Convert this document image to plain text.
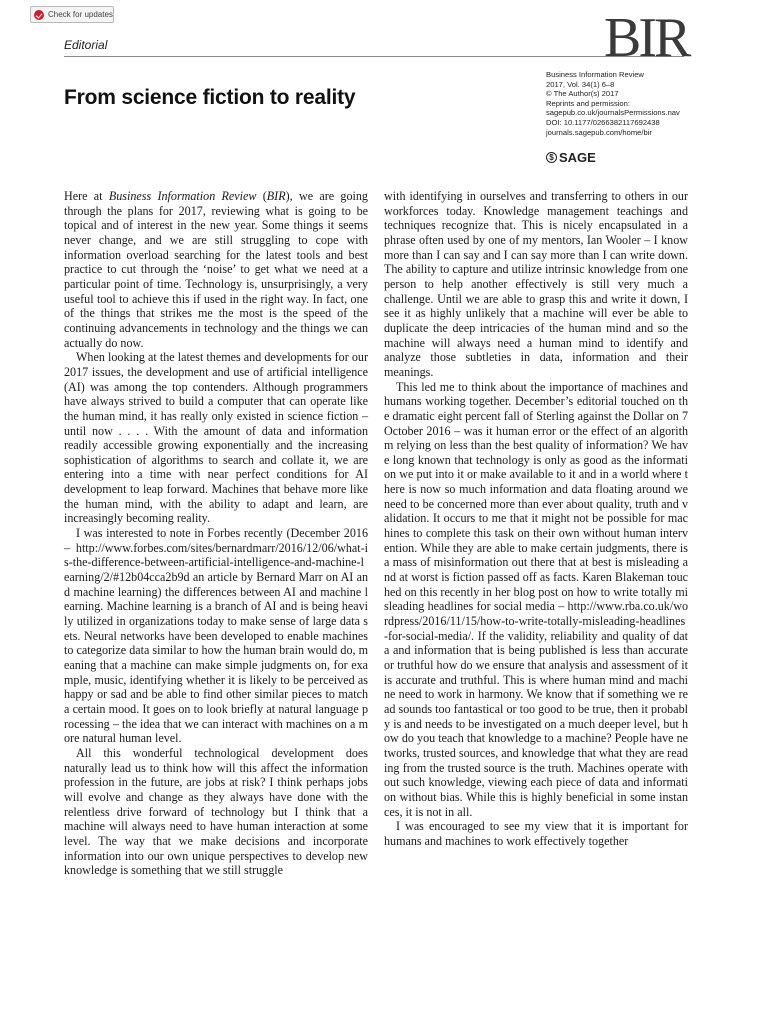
Check for updates
Editorial	BIR
From science fiction to reality
Business Information Review
2017, Vol. 34(1) 6–8
© The Author(s) 2017
Reprints and permission:
sagepub.co.uk/journalsPermissions.nav
DOI: 10.1177/0266382117692438
journals.sagepub.com/home/bir
$ SAGE

Here at Business Information Review (BIR), we are going through the plans for 2017, reviewing what is going to be topical and of interest in the new year. Some things it seems never change, and we are still struggling to cope with information overload searching for the latest tools and best practice to cut through the ‘noise’ to get what we need at a particular point of time. Technology is, unsurprisingly, a very useful tool to achieve this if used in the right way. In fact, one of the things that strikes me the most is the speed of the continuing advancements in technology and the things we can actually do now.

When looking at the latest themes and developments for our 2017 issues, the development and use of artificial intelligence (AI) was among the top contenders. Although programmers have always strived to build a computer that can operate like the human mind, it has really only existed in science fiction – until now . . . . With the amount of data and information readily accessible growing exponentially and the increasing sophistication of algorithms to search and collate it, we are entering into a time with near perfect conditions for AI development to leap forward. Machines that behave more like the human mind, with the ability to adapt and learn, are increasingly becoming reality.

I was interested to note in Forbes recently (December 2016 – http://www.forbes.com/sites/bernardmarr/2016/12/06/what-is-the-difference-between-artificial-intelligence-and-machine-learning/2/#12b04cca2b9d an article by Bernard Marr on AI and machine learning) the differences between AI and machine learning. Machine learning is a branch of AI and is being heavily utilized in organizations today to make sense of large data sets. Neural networks have been developed to enable machines to categorize data similar to how the human brain would do, meaning that a machine can make simple judgments on, for example, music, identifying whether it is likely to be perceived as happy or sad and be able to find other similar pieces to match a certain mood. It goes on to look briefly at natural language processing – the idea that we can interact with machines on a more natural human level.

All this wonderful technological development does naturally lead us to think how will this affect the information profession in the future, are jobs at risk? I think perhaps jobs will evolve and change as they always have done with the relentless drive forward of technology but I think that a machine will always need to have human interaction at some level. The way that we make decisions and incorporate information into our own unique perspectives to develop new knowledge is something that we still struggle

with identifying in ourselves and transferring to others in our workforces today. Knowledge management teachings and techniques recognize that. This is nicely encapsulated in a phrase often used by one of my mentors, Ian Wooler – I know more than I can say and I can say more than I can write down. The ability to capture and utilize intrinsic knowledge from one person to help another effectively is still very much a challenge. Until we are able to grasp this and write it down, I see it as highly unlikely that a machine will ever be able to duplicate the deep intricacies of the human mind and so the machine will always need a human mind to identify and analyze those subtleties in data, information and their meanings.

This led me to think about the importance of machines and humans working together. December’s editorial touched on the dramatic eight percent fall of Sterling against the Dollar on 7 October 2016 – was it human error or the effect of an algorithm relying on less than the best quality of information? We have long known that technology is only as good as the information we put into it or make available to it and in a world where there is now so much information and data floating around we need to be concerned more than ever about quality, truth and validation. It occurs to me that it might not be possible for machines to complete this task on their own without human intervention. While they are able to make certain judgments, there is a mass of misinformation out there that at best is misleading and at worst is fiction passed off as facts. Karen Blakeman touched on this recently in her blog post on how to write totally misleading headlines for social media – http://www.rba.co.uk/wordpress/2016/11/15/how-to-write-totally-misleading-headlines-for-social-media/. If the validity, reliability and quality of data and information that is being published is less than accurate or truthful how do we ensure that analysis and assessment of it is accurate and truthful. This is where human mind and machine need to work in harmony. We know that if something we read sounds too fantastical or too good to be true, then it probably is and needs to be investigated on a much deeper level, but how do you teach that knowledge to a machine? People have networks, trusted sources, and knowledge that what they are reading from the trusted source is the truth. Machines operate without such knowledge, viewing each piece of data and information without bias. While this is highly beneficial in some instances, it is not in all.

I was encouraged to see my view that it is important for humans and machines to work effectively together
